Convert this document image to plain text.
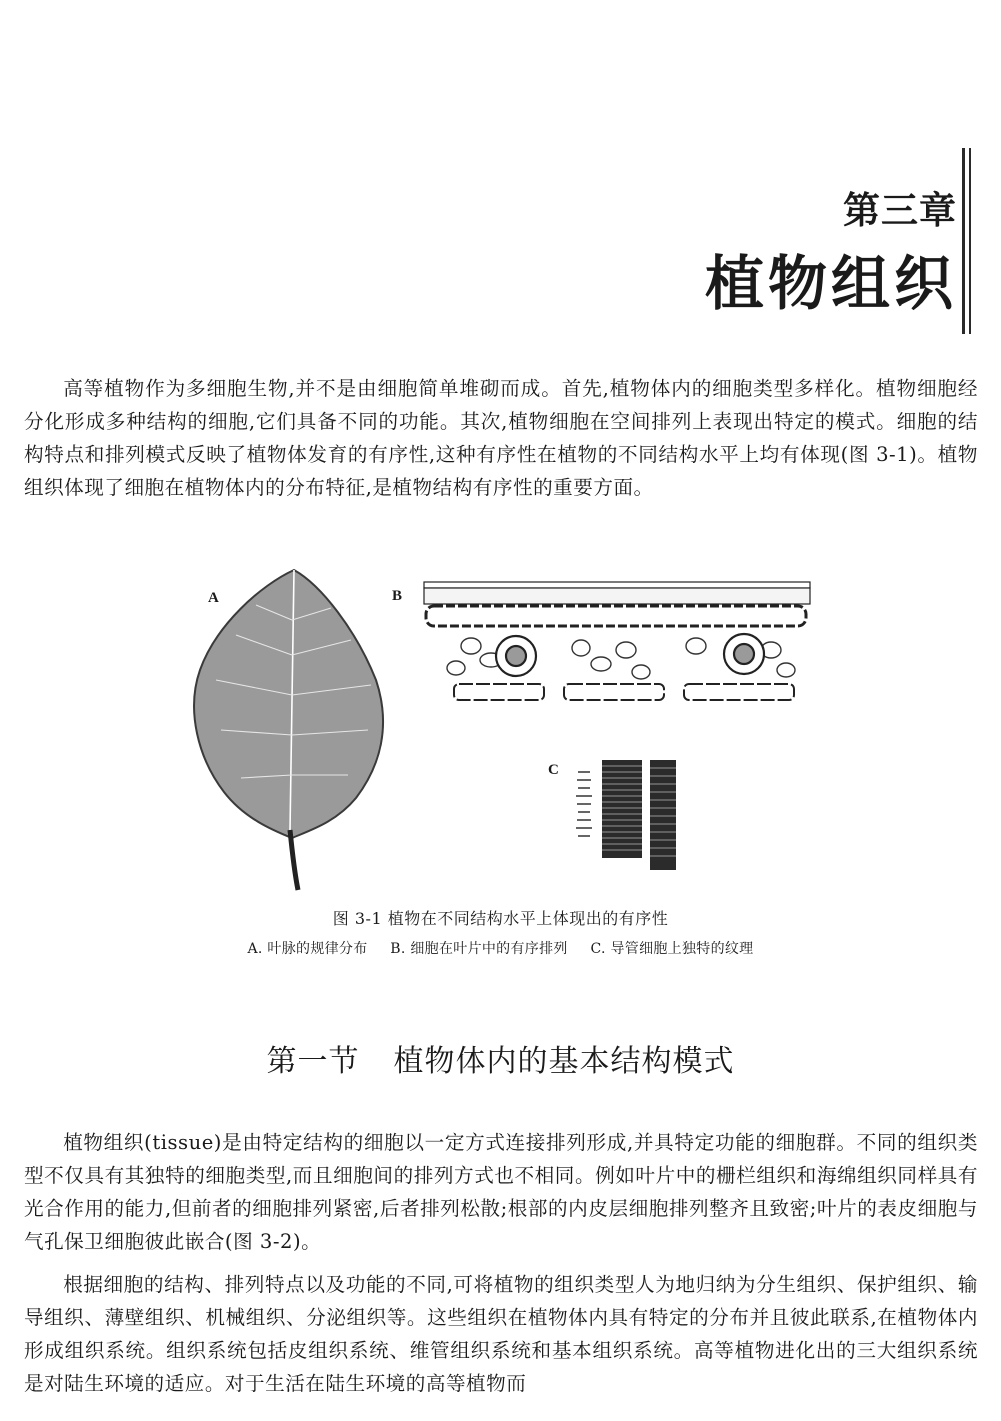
第三章
植物组织

高等植物作为多细胞生物,并不是由细胞简单堆砌而成。首先,植物体内的细胞类型多样化。植物细胞经分化形成多种结构的细胞,它们具备不同的功能。其次,植物细胞在空间排列上表现出特定的模式。细胞的结构特点和排列模式反映了植物体发育的有序性,这种有序性在植物的不同结构水平上均有体现(图 3-1)。植物组织体现了细胞在植物体内的分布特征,是植物结构有序性的重要方面。

A	B
C
图 3-1 植物在不同结构水平上体现出的有序性
A. 叶脉的规律分布 B. 细胞在叶片中的有序排列 C. 导管细胞上独特的纹理
第一节 植物体内的基本结构模式

植物组织(tissue)是由特定结构的细胞以一定方式连接排列形成,并具特定功能的细胞群。不同的组织类型不仅具有其独特的细胞类型,而且细胞间的排列方式也不相同。例如叶片中的栅栏组织和海绵组织同样具有光合作用的能力,但前者的细胞排列紧密,后者排列松散;根部的内皮层细胞排列整齐且致密;叶片的表皮细胞与气孔保卫细胞彼此嵌合(图 3-2)。

根据细胞的结构、排列特点以及功能的不同,可将植物的组织类型人为地归纳为分生组织、保护组织、输导组织、薄壁组织、机械组织、分泌组织等。这些组织在植物体内具有特定的分布并且彼此联系,在植物体内形成组织系统。组织系统包括皮组织系统、维管组织系统和基本组织系统。高等植物进化出的三大组织系统是对陆生环境的适应。对于生活在陆生环境的高等植物而
